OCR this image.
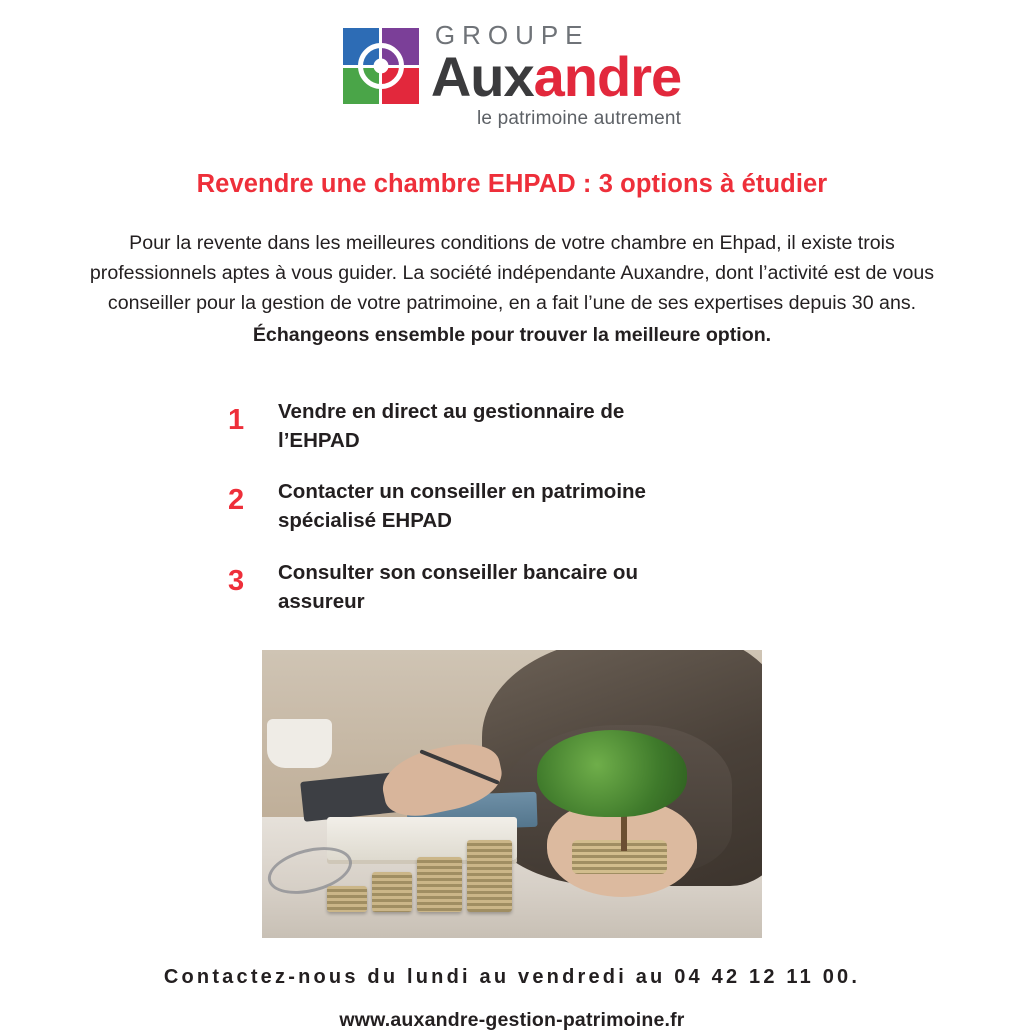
GROUPE
Auxandre
le patrimoine autrement
Revendre une chambre EHPAD : 3 options à étudier
Pour la revente dans les meilleures conditions de votre chambre en Ehpad, il existe trois professionnels aptes à vous guider. La société indépendante Auxandre, dont l’activité est de vous conseiller pour la gestion de votre patrimoine, en a fait l’une de ses expertises depuis 30 ans.
Échangeons ensemble pour trouver la meilleure option.
1	Vendre en direct au gestionnaire de l’EHPAD
2	Contacter un conseiller en patrimoine spécialisé EHPAD
3	Consulter son conseiller bancaire ou assureur
Contactez-nous du lundi au vendredi au 04 42 12 11 00.
www.auxandre-gestion-patrimoine.fr
